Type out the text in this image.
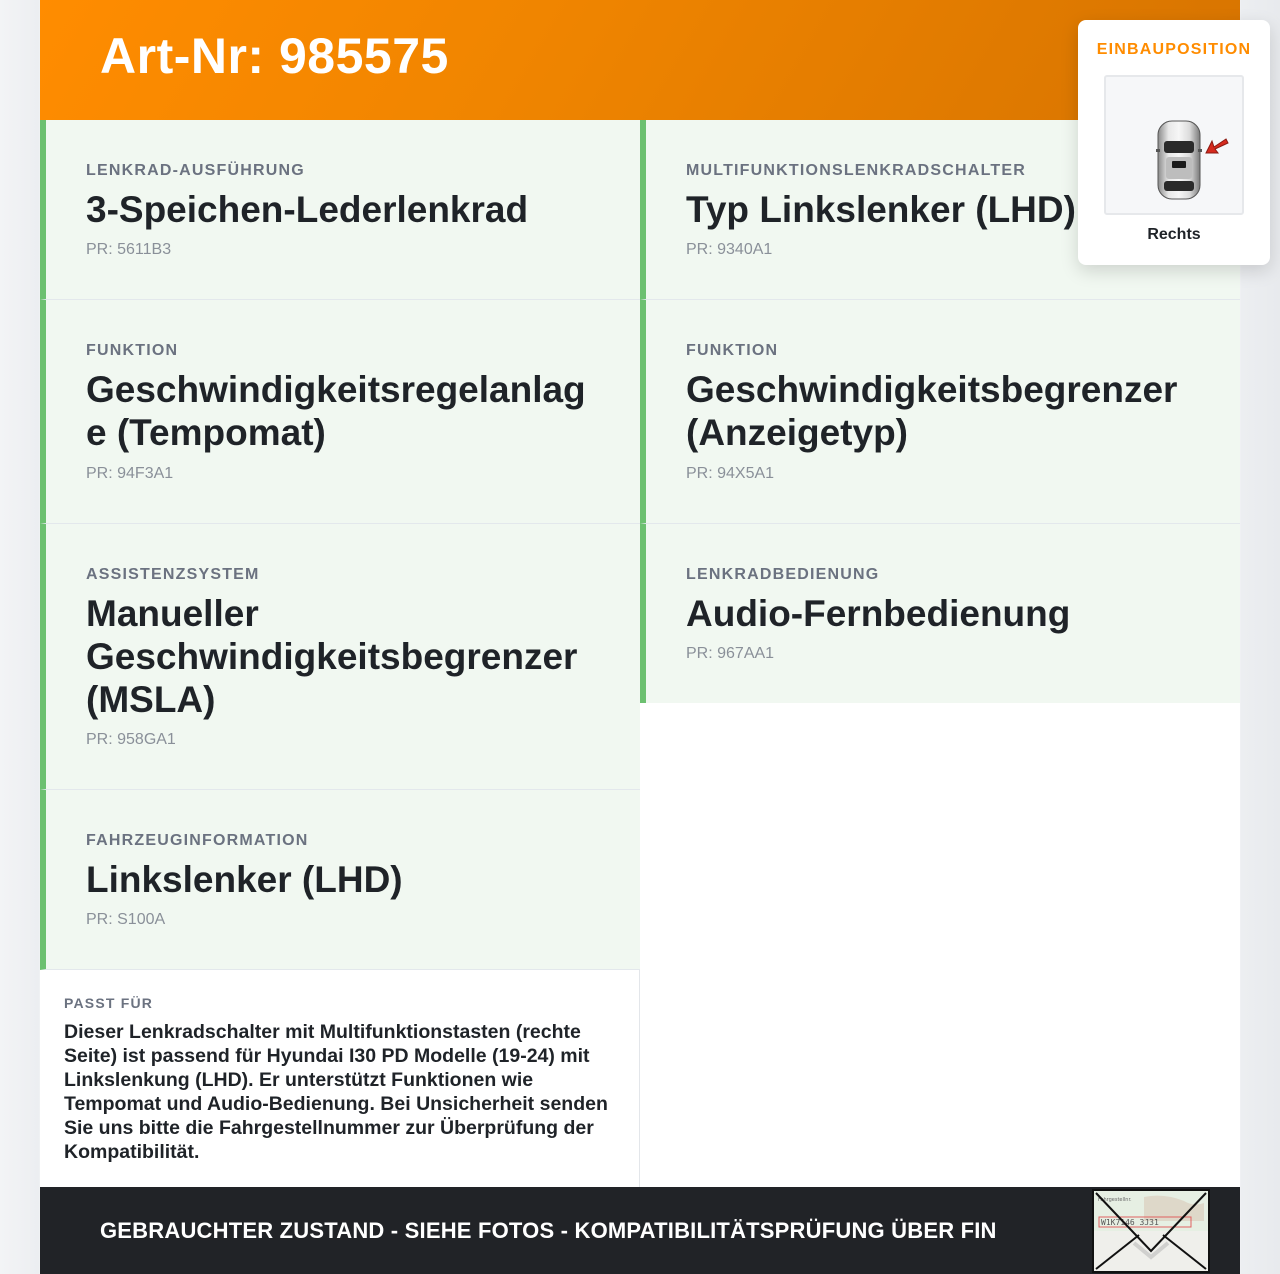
Art-Nr: 985575
LENKRAD-AUSFÜHRUNG
3-Speichen-Lederlenkrad
PR: 5611B3
MULTIFUNKTIONSLENKRADSCHALTER
Typ Linkslenker (LHD)
PR: 9340A1
FUNKTION
Geschwindigkeitsregelanlage (Tempomat)
PR: 94F3A1
FUNKTION
Geschwindigkeitsbegrenzer (Anzeigetyp)
PR: 94X5A1
ASSISTENZSYSTEM
Manueller Geschwindigkeitsbegrenzer (MSLA)
PR: 958GA1
LENKRADBEDIENUNG
Audio-Fernbedienung
PR: 967AA1
FAHRZEUGINFORMATION
Linkslenker (LHD)
PR: S100A
PASST FÜR
Dieser Lenkradschalter mit Multifunktionstasten (rechte Seite) ist passend für Hyundai I30 PD Modelle (19-24) mit Linkslenkung (LHD). Er unterstützt Funktionen wie Tempomat und Audio-Bedienung. Bei Unsicherheit senden Sie uns bitte die Fahrgestellnummer zur Überprüfung der Kompatibilität.
GEBRAUCHTER ZUSTAND - SIEHE FOTOS - KOMPATIBILITÄTSPRÜFUNG ÜBER FIN
Fahrgestellnr.
W1K7146 3J31
EINBAUPOSITION
Rechts
